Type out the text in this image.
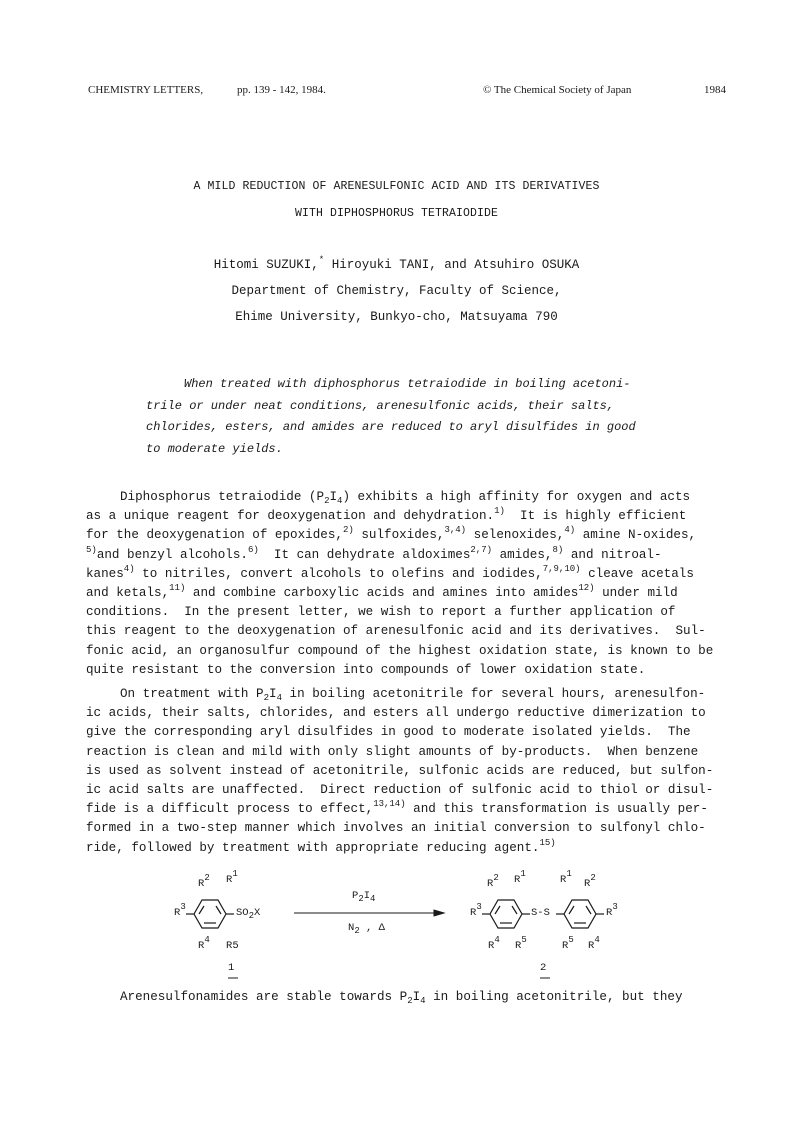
CHEMISTRY LETTERS,	pp. 139 - 142, 1984.	© The Chemical Society of Japan	1984
A MILD REDUCTION OF ARENESULFONIC ACID AND ITS DERIVATIVES
WITH DIPHOSPHORUS TETRAIODIDE
Hitomi SUZUKI,* Hiroyuki TANI, and Atsuhiro OSUKA
Department of Chemistry, Faculty of Science,
Ehime University, Bunkyo-cho, Matsuyama 790
When treated with diphosphorus tetraiodide in boiling acetoni-
trile or under neat conditions, arenesulfonic acids, their salts,
chlorides, esters, and amides are reduced to aryl disulfides in good
to moderate yields.
Diphosphorus tetraiodide $(P_2I_4)$ exhibits a high affinity for oxygen and acts
as a unique reagent for deoxygenation and dehydration.$^{1)}$  It is highly efficient
for the deoxygenation of epoxides,$^{2)}$ sulfoxides,$^{3,4)}$ selenoxides,$^{4)}$ amine N-oxides,
$^{5)}$and benzyl alcohols.$^{6)}$  It can dehydrate aldoximes$^{2,7)}$ amides,$^{8)}$ and nitroal-
kanes$^{4)}$ to nitriles, convert alcohols to olefins and iodides,$^{7,9,10)}$ cleave acetals
and ketals,$^{11)}$ and combine carboxylic acids and amines into amides$^{12)}$ under mild
conditions.  In the present letter, we wish to report a further application of
this reagent to the deoxygenation of arenesulfonic acid and its derivatives.  Sul-
fonic acid, an organosulfur compound of the highest oxidation state, is known to be
quite resistant to the conversion into compounds of lower oxidation state.
On treatment with $P_2I_4$ in boiling acetonitrile for several hours, arenesulfon-
ic acids, their salts, chlorides, and esters all undergo reductive dimerization to
give the corresponding aryl disulfides in good to moderate isolated yields.  The
reaction is clean and mild with only slight amounts of by-products.  When benzene
is used as solvent instead of acetonitrile, sulfonic acids are reduced, but sulfon-
ic acid salts are unaffected.  Direct reduction of sulfonic acid to thiol or disul-
fide is a difficult process to effect,$^{13,14)}$ and this transformation is usually per-
formed in a two-step manner which involves an initial conversion to sulfonyl chlo-
ride, followed by treatment with appropriate reducing agent.$^{15)}$
$R^2$ $R^1$
$R^3$	$SO_2X$
$R^4$ R5
1
$P_2I_4$
$N_2$ , Δ
$R^2$ $R^1$
$R^3$	S-S
$R^1$
$R^2$
$R^3$
$R^4$ $R^5$	$R^5$ $R^4$
2
Arenesulfonamides are stable towards $P_2I_4$ in boiling acetonitrile, but they
